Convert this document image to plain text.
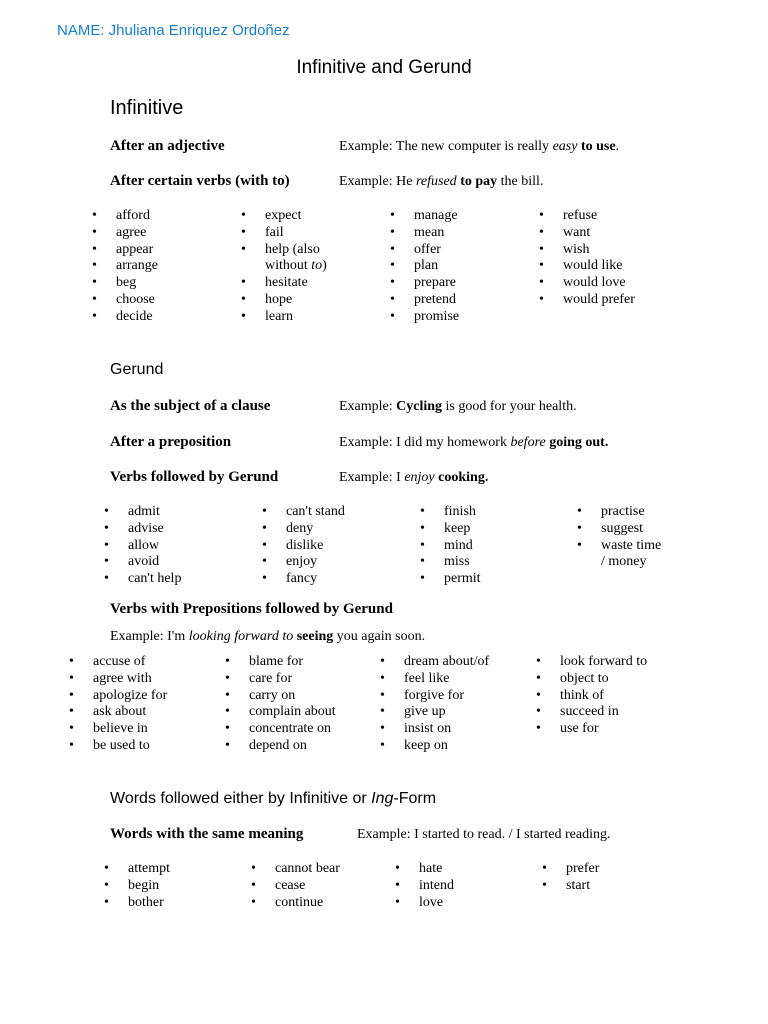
NAME: Jhuliana Enriquez Ordoñez
Infinitive and Gerund
Infinitive
After an adjective	Example: The new computer is really easy to use.
After certain verbs (with to)	Example: He refused to pay the bill.
• afford
• agree
• appear
• arrange
• beg
• choose
• decide
• expect
• fail
• help (also
without to)
• hesitate
• hope
• learn
• manage
• mean
• offer
• plan
• prepare
• pretend
• promise
• refuse
• want
• wish
• would like
• would love
• would prefer
Gerund
As the subject of a clause	Example: Cycling is good for your health.
After a preposition	Example: I did my homework before going out.
Verbs followed by Gerund	Example: I enjoy cooking.
• admit
• advise
• allow
• avoid
• can't help
• can't stand
• deny
• dislike
• enjoy
• fancy
• finish
• keep
• mind
• miss
• permit
• practise
• suggest
• waste time
/ money
Verbs with Prepositions followed by Gerund
Example: I'm looking forward to seeing you again soon.
• accuse of
• agree with
• apologize for
• ask about
• believe in
• be used to
• blame for
• care for
• carry on
• complain about
• concentrate on
• depend on
• dream about/of
• feel like
• forgive for
• give up
• insist on
• keep on
• look forward to
• object to
• think of
• succeed in
• use for
Words followed either by Infinitive or Ing-Form
Words with the same meaning	Example: I started to read. / I started reading.
• attempt
• begin
• bother
• cannot bear
• cease
• continue
• hate
• intend
• love
• prefer
• start
